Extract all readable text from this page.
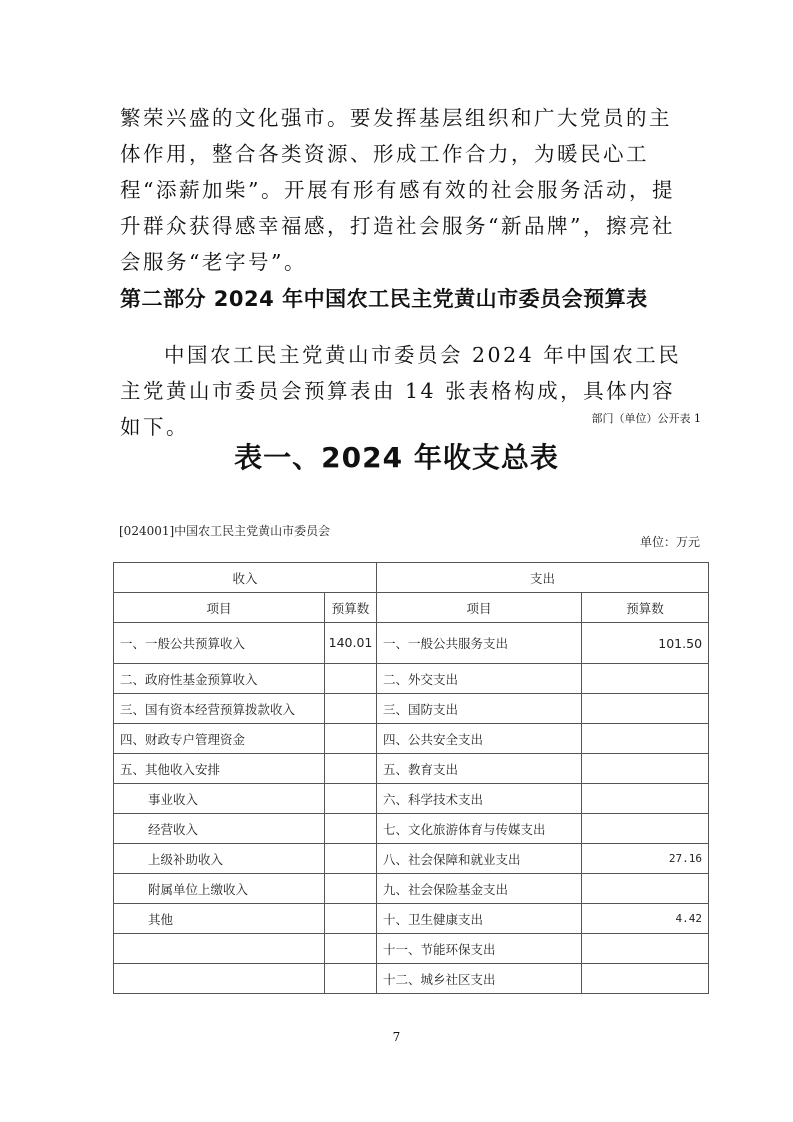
繁荣兴盛的文化强市。要发挥基层组织和广大党员的主体作用，整合各类资源、形成工作合力，为暖民心工程“添薪加柴”。开展有形有感有效的社会服务活动，提升群众获得感幸福感，打造社会服务“新品牌”，擦亮社会服务“老字号”。

第二部分 2024 年中国农工民主党黄山市委员会预算表

中国农工民主党黄山市委员会 2024 年中国农工民主党黄山市委员会预算表由 14 张表格构成，具体内容如下。	部门（单位）公开表 1
表一、2024 年收支总表
[024001]中国农工民主党黄山市委员会
单位：万元
收入		支出	
项目	预算数	项目	预算数
一、一般公共预算收入	140.01	一、一般公共服务支出	101.50
二、政府性基金预算收入		二、外交支出	
三、国有资本经营预算拨款收入		三、国防支出	
四、财政专户管理资金		四、公共安全支出	
五、其他收入安排		五、教育支出	
事业收入		六、科学技术支出	
经营收入		七、文化旅游体育与传媒支出	
上级补助收入		八、社会保障和就业支出	27.16
附属单位上缴收入		九、社会保险基金支出	
其他		十、卫生健康支出	4.42
		十一、节能环保支出	
		十二、城乡社区支出	
7
